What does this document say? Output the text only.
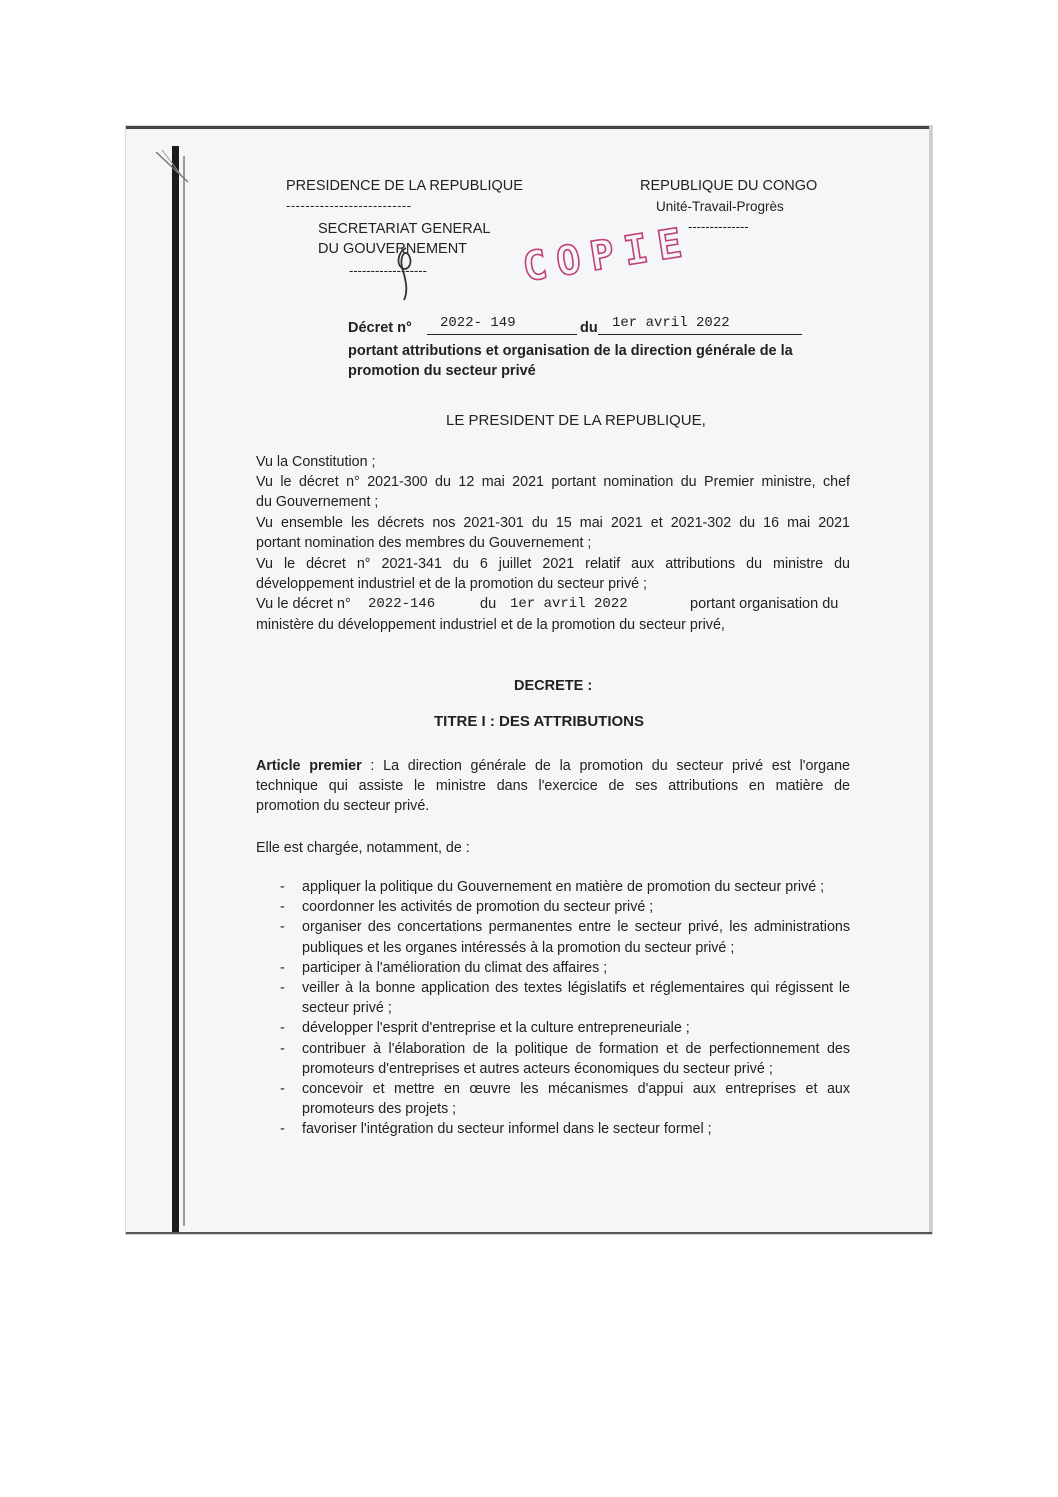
PRESIDENCE DE LA REPUBLIQUE
--------------------------
SECRETARIAT GENERAL
DU GOUVERNEMENT
------------------
REPUBLIQUE DU CONGO
Unité-Travail-Progrès
--------------
COPIE
Décret n° 2022- 149	du 1er avril 2022
portant attributions et organisation de la direction générale de la
promotion du secteur privé
LE PRESIDENT DE LA REPUBLIQUE,
Vu la Constitution ;
Vu le décret n° 2021-300 du 12 mai 2021 portant nomination du Premier ministre, chef
du Gouvernement ;
Vu ensemble les décrets nos 2021-301 du 15 mai 2021 et 2021-302 du 16 mai 2021
portant nomination des membres du Gouvernement ;
Vu le décret n° 2021-341 du 6 juillet 2021 relatif aux attributions du ministre du
développement industriel et de la promotion du secteur privé ;
Vu le décret n° 2022-146	du 1er avril 2022	portant organisation du
ministère du développement industriel et de la promotion du secteur privé,
DECRETE :
TITRE I : DES ATTRIBUTIONS
Article premier : La direction générale de la promotion du secteur privé est l'organe
technique qui assiste le ministre dans l'exercice de ses attributions en matière de
promotion du secteur privé.
Elle est chargée, notamment, de :
- appliquer la politique du Gouvernement en matière de promotion du secteur privé ;
- coordonner les activités de promotion du secteur privé ;
- organiser des concertations permanentes entre le secteur privé, les administrations publiques et les organes intéressés à la promotion du secteur privé ;
- participer à l'amélioration du climat des affaires ;
- veiller à la bonne application des textes législatifs et réglementaires qui régissent le secteur privé ;
- développer l'esprit d'entreprise et la culture entrepreneuriale ;
- contribuer à l'élaboration de la politique de formation et de perfectionnement des promoteurs d'entreprises et autres acteurs économiques du secteur privé ;
- concevoir et mettre en œuvre les mécanismes d'appui aux entreprises et aux promoteurs des projets ;
- favoriser l'intégration du secteur informel dans le secteur formel ;
